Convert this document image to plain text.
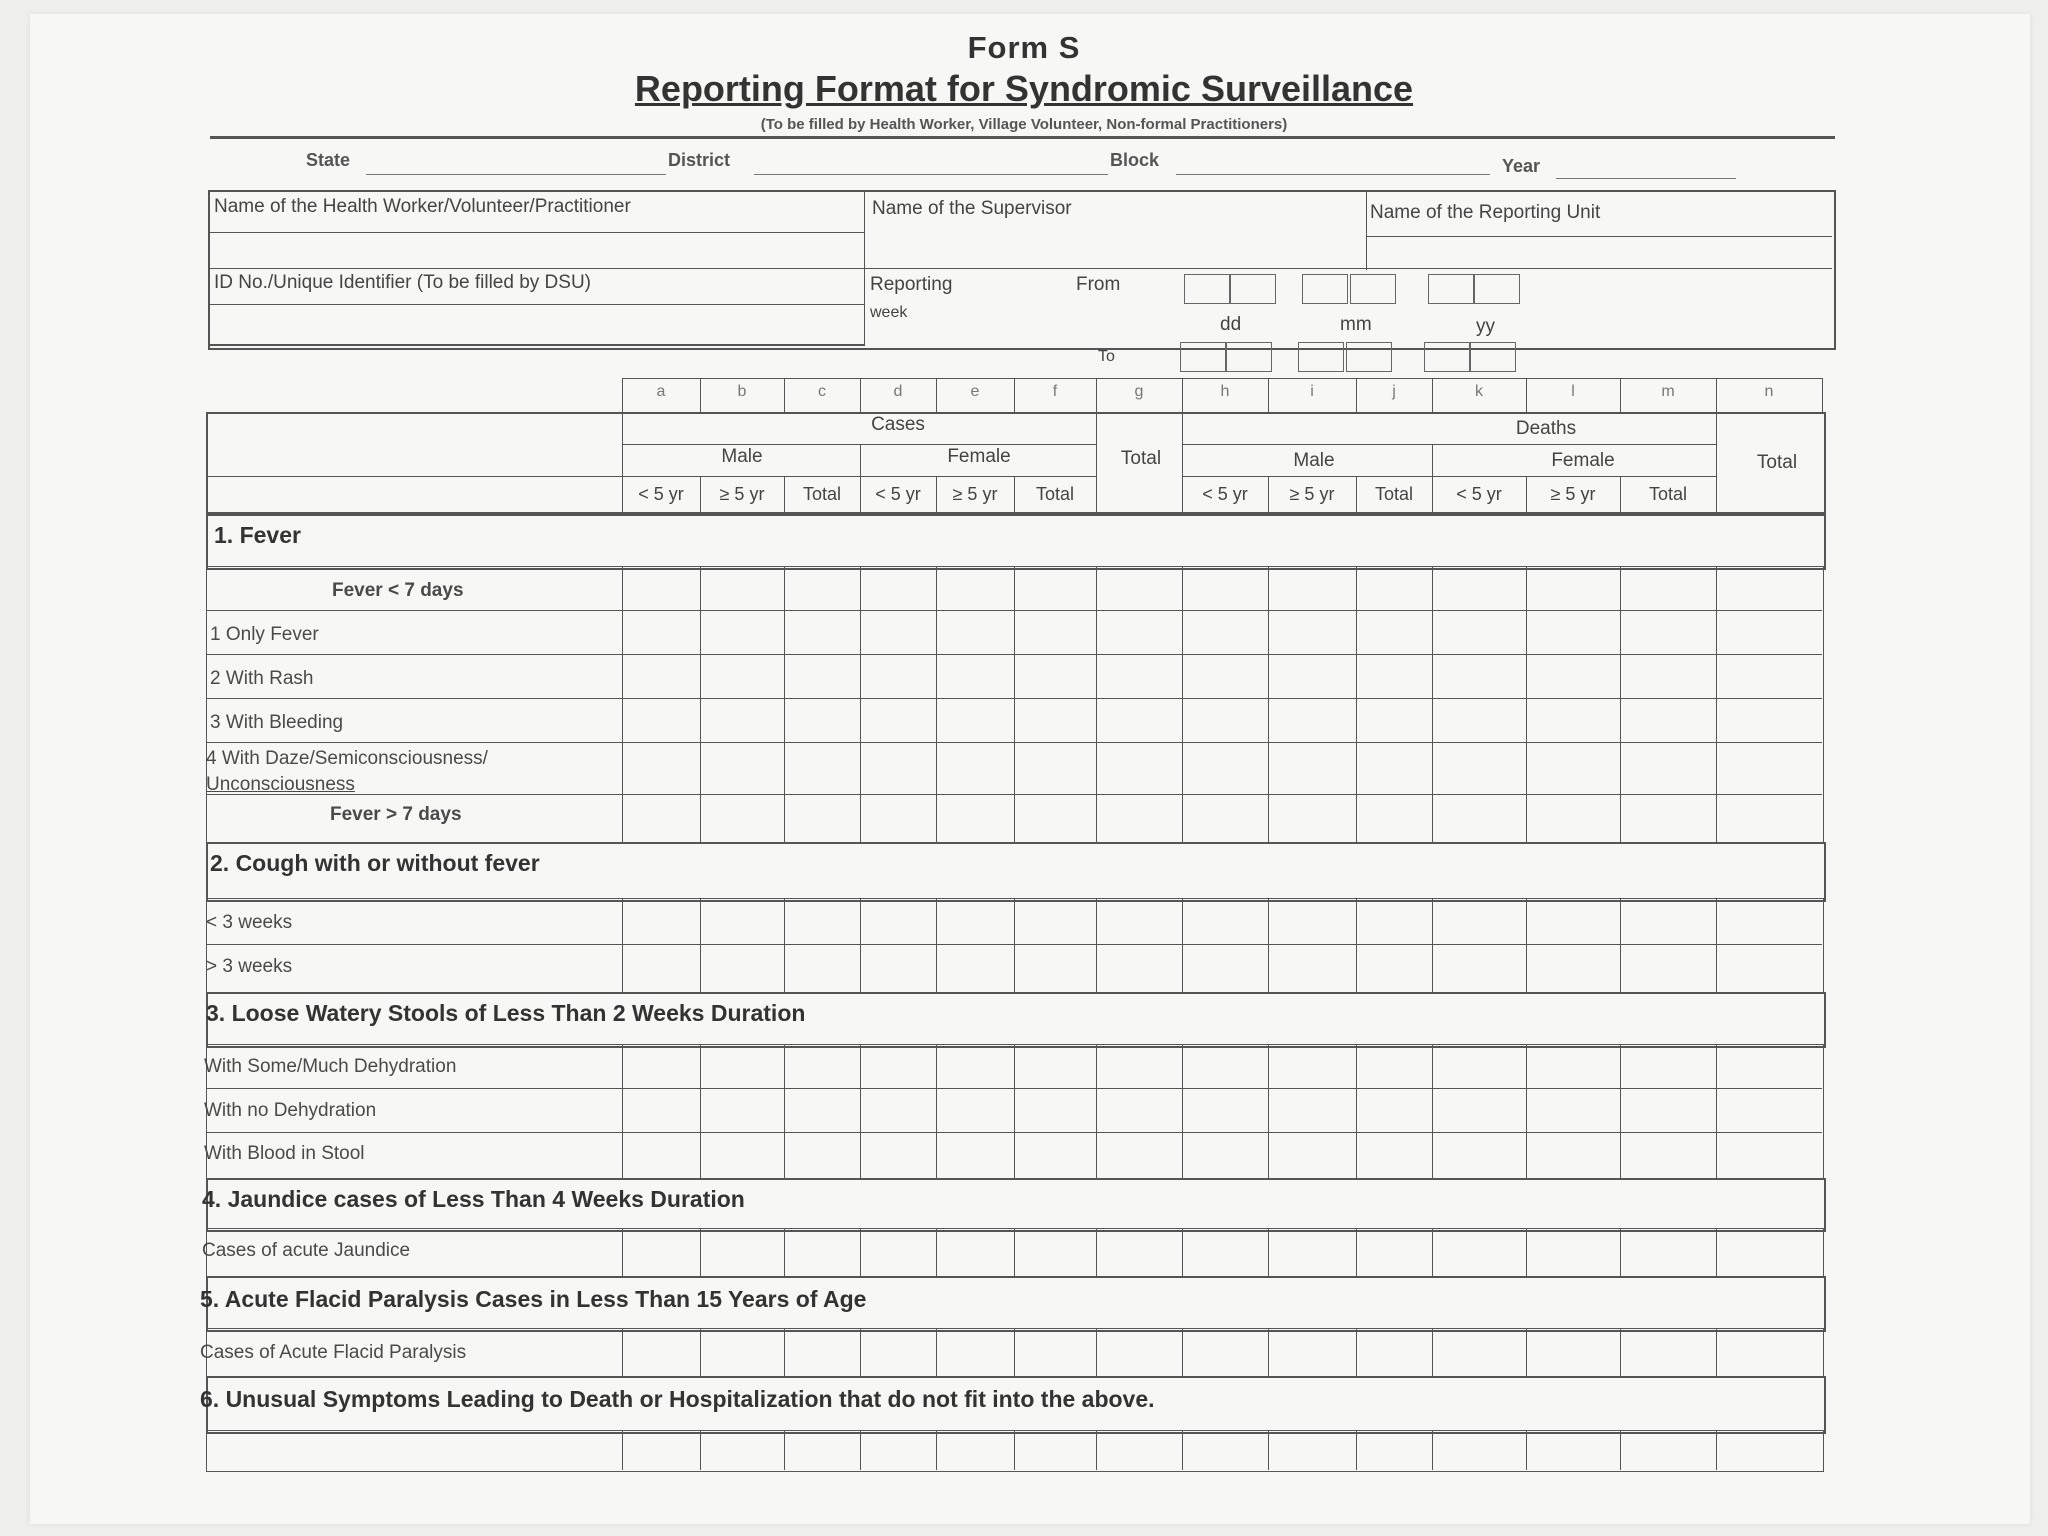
Form S
Reporting Format for Syndromic Surveillance
(To be filled by Health Worker, Village Volunteer, Non-formal Practitioners)
State	District	Block	Year
Name of the Health Worker/Volunteer/Practitioner	Name of the Supervisor	Name of the Reporting Unit
ID No./Unique Identifier (To be filled by DSU)	Reporting
week
From
To
dd	mm	yy
Cases	Deaths
Male	Female	Total	Male	Female	Total
a	b	c	d	e	f	g	h	i	j	k	l	m	n
< 5 yr	≥ 5 yr	Total	< 5 yr	≥ 5 yr	Total	< 5 yr	≥ 5 yr	Total	< 5 yr	≥ 5 yr	Total
1. Fever
Fever < 7 days
1 Only Fever
2 With Rash
3 With Bleeding
4 With Daze/Semiconsciousness/
Unconsciousness
Fever > 7 days
2. Cough with or without fever
< 3 weeks
> 3 weeks
3. Loose Watery Stools of Less Than 2 Weeks Duration
With Some/Much Dehydration
With no Dehydration
With Blood in Stool
4. Jaundice cases of Less Than 4 Weeks Duration
Cases of acute Jaundice
5. Acute Flacid Paralysis Cases in Less Than 15 Years of Age
Cases of Acute Flacid Paralysis
6. Unusual Symptoms Leading to Death or Hospitalization that do not fit into the above.
